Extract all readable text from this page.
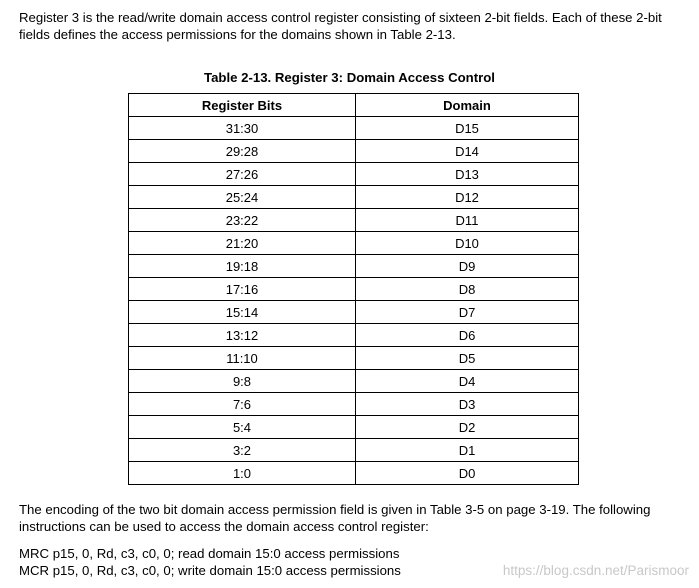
Register 3 is the read/write domain access control register consisting of sixteen 2-bit fields. Each of these 2-bit fields defines the access permissions for the domains shown in Table 2-13.
Table 2-13. Register 3: Domain Access Control
Register Bits	Domain
31:30	D15
29:28	D14
27:26	D13
25:24	D12
23:22	D11
21:20	D10
19:18	D9
17:16	D8
15:14	D7
13:12	D6
11:10	D5
9:8	D4
7:6	D3
5:4	D2
3:2	D1
1:0	D0
The encoding of the two bit domain access permission field is given in Table 3-5 on page 3-19. The following instructions can be used to access the domain access control register:
MRC p15, 0, Rd, c3, c0, 0; read domain 15:0 access permissions
MCR p15, 0, Rd, c3, c0, 0; write domain 15:0 access permissions	https://blog.csdn.net/Parismoor
